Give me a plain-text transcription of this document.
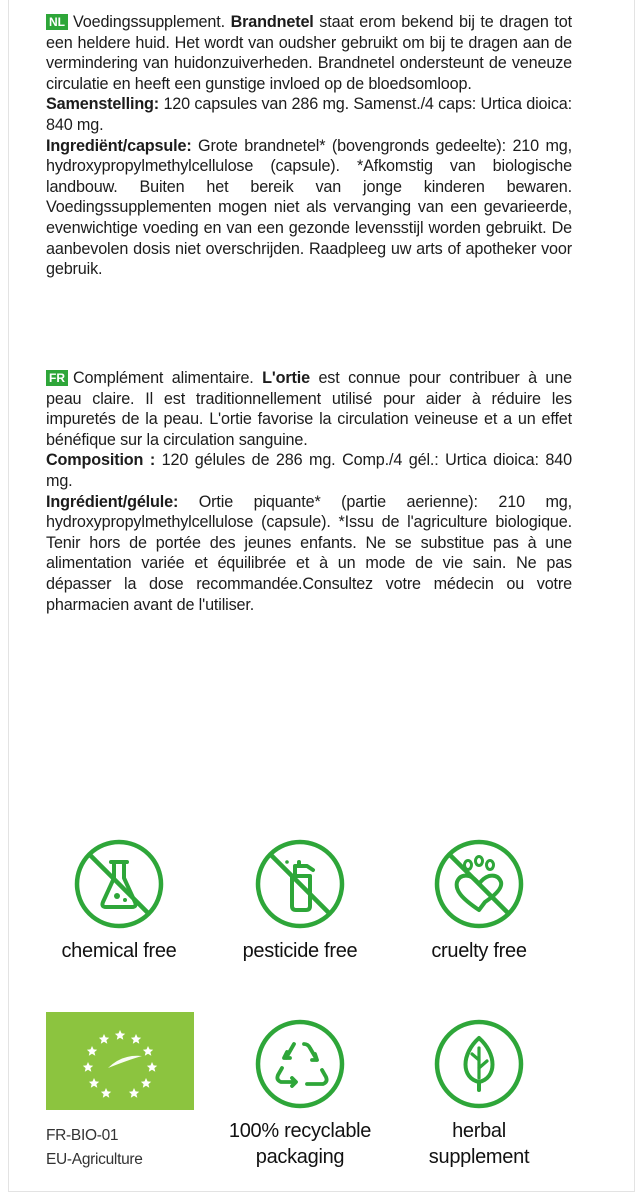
NL Voedingssupplement. Brandnetel staat erom bekend bij te dragen tot een heldere huid. Het wordt van oudsher gebruikt om bij te dragen aan de vermindering van huidonzuiverheden. Brandnetel ondersteunt de veneuze circulatie en heeft een gunstige invloed op de bloedsomloop.

Samenstelling: 120 capsules van 286 mg. Samenst./4 caps: Urtica dioica: 840 mg.

Ingrediënt/capsule: Grote brandnetel* (bovengronds gedeelte): 210 mg, hydroxypropylmethylcellulose (capsule). *Afkomstig van biologische landbouw. Buiten het bereik van jonge kinderen bewaren. Voedingssupplementen mogen niet als vervanging van een gevarieerde, evenwichtige voeding en van een gezonde levensstijl worden gebruikt. De aanbevolen dosis niet overschrijden. Raadpleeg uw arts of apotheker voor gebruik.

FR Complément alimentaire. L'ortie est connue pour contribuer à une peau claire. Il est traditionnellement utilisé pour aider à réduire les impuretés de la peau. L'ortie favorise la circulation veineuse et a un effet bénéfique sur la circulation sanguine.

Composition : 120 gélules de 286 mg. Comp./4 gél.: Urtica dioica: 840 mg.

Ingrédient/gélule: Ortie piquante* (partie aerienne): 210 mg, hydroxypropylmethylcellulose (capsule). *Issu de l'agriculture biologique. Tenir hors de portée des jeunes enfants. Ne se substitue pas à une alimentation variée et équilibrée et à un mode de vie sain. Ne pas dépasser la dose recommandée.Consultez votre médecin ou votre pharmacien avant de l'utiliser.

chemical free	pesticide free	cruelty free
FR-BIO-01
EU-Agriculture
100% recyclable
packaging
herbal
supplement
